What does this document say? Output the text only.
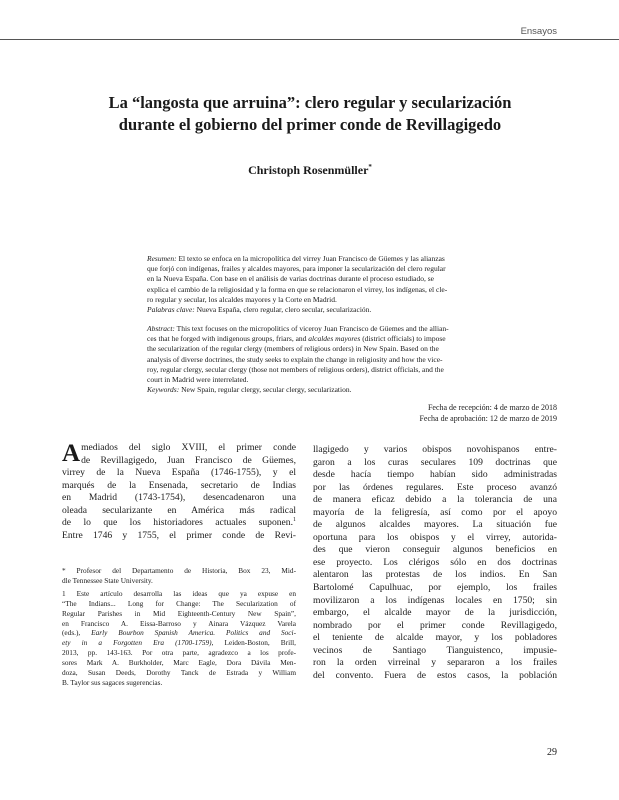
Ensayos
La “langosta que arruina”: clero regular y secularización
durante el gobierno del primer conde de Revillagigedo
Christoph Rosenmüller*
Resumen: El texto se enfoca en la micropolítica del virrey Juan Francisco de Güemes y las alianzas
que forjó con indígenas, frailes y alcaldes mayores, para imponer la secularización del clero regular
en la Nueva España. Con base en el análisis de varias doctrinas durante el proceso estudiado, se
explica el cambio de la religiosidad y la forma en que se relacionaron el virrey, los indígenas, el cle-
ro regular y secular, los alcaldes mayores y la Corte en Madrid.
Palabras clave: Nueva España, clero regular, clero secular, secularización.
Abstract: This text focuses on the micropolitics of viceroy Juan Francisco de Güemes and the allian-
ces that he forged with indigenous groups, friars, and alcaldes mayores (district officials) to impose
the secularization of the regular clergy (members of religious orders) in New Spain. Based on the
analysis of diverse doctrines, the study seeks to explain the change in religiosity and how the vice-
roy, regular clergy, secular clergy (those not members of religious orders), district officials, and the
court in Madrid were interrelated.
Keywords: New Spain, regular clergy, secular clergy, secularization.
Fecha de recepción: 4 de marzo de 2018
Fecha de aprobación: 12 de marzo de 2019
A mediados del siglo XVIII, el primer conde
de Revillagigedo, Juan Francisco de Güemes,
virrey de la Nueva España (1746-1755), y el
marqués de la Ensenada, secretario de Indias
en Madrid (1743-1754), desencadenaron una
oleada secularizante en América más radical
de lo que los historiadores actuales suponen.$^1$
Entre 1746 y 1755, el primer conde de Revi-
* Profesor del Departamento de Historia, Box 23, Mid-
dle Tennessee State University.
1 Este artículo desarrolla las ideas que ya expuse en
“The Indians... Long for Change: The Secularization of
Regular Parishes in Mid Eighteenth-Century New Spain”,
en Francisco A. Eissa-Barroso y Ainara Vázquez Varela
(eds.), Early Bourbon Spanish America. Politics and Soci-
ety in a Forgotten Era (1700-1759), Leiden-Boston, Brill,
2013, pp. 143-163. Por otra parte, agradezco a los profe-
sores Mark A. Burkholder, Marc Eagle, Dora Dávila Men-
doza, Susan Deeds, Dorothy Tanck de Estrada y William
B. Taylor sus sagaces sugerencias.
llagigedo y varios obispos novohispanos entre-
garon a los curas seculares 109 doctrinas que
desde hacía tiempo habían sido administradas
por las órdenes regulares. Este proceso avanzó
de manera eficaz debido a la tolerancia de una
mayoría de la feligresía, así como por el apoyo
de algunos alcaldes mayores. La situación fue
oportuna para los obispos y el virrey, autorida-
des que vieron conseguir algunos beneficios en
ese proyecto. Los clérigos sólo en dos doctrinas
alentaron las protestas de los indios. En San
Bartolomé Capulhuac, por ejemplo, los frailes
movilizaron a los indígenas locales en 1750; sin
embargo, el alcalde mayor de la jurisdicción,
nombrado por el primer conde Revillagigedo,
el teniente de alcalde mayor, y los pobladores
vecinos de Santiago Tianguistenco, impusie-
ron la orden virreinal y separaron a los frailes
del convento. Fuera de estos casos, la población
29
